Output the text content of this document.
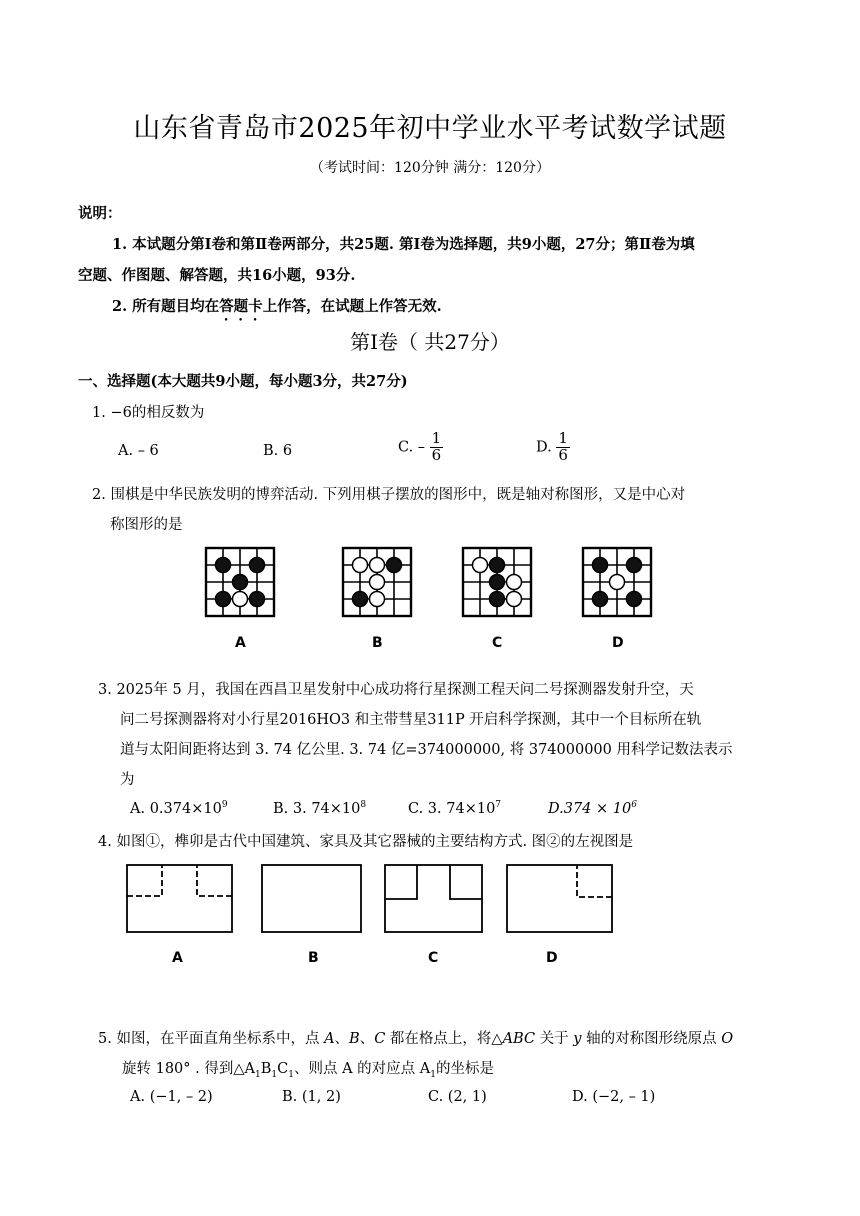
山东省青岛市2025年初中学业水平考试数学试题
（考试时间：120分钟 满分：120分）
说明：
1. 本试题分第Ⅰ卷和第Ⅱ卷两部分，共25题. 第Ⅰ卷为选择题，共9小题，27分；第Ⅱ卷为填
空题、作图题、解答题，共16小题，93分.
2. 所有题目均在答题卡上作答，在试题上作答无效.
第Ⅰ卷（ 共27分）
一、选择题(本大题共9小题，每小题3分，共27分)
1. −6的相反数为
A. – 6	B. 6	C. – $\frac{1}{6}$	D. $\frac{1}{6}$
2. 围棋是中华民族发明的博弈活动. 下列用棋子摆放的图形中，既是轴对称图形，又是中心对
称图形的是
A	B	C	D
3. 2025年 5 月，我国在西昌卫星发射中心成功将行星探测工程天问二号探测器发射升空，天
问二号探测器将对小行星2016HO3 和主带彗星311P 开启科学探测，其中一个目标所在轨
道与太阳间距将达到 3. 74 亿公里. 3. 74 亿=374000000, 将 374000000 用科学记数法表示
为
A. $0.374\times 10^9$	B. 3. $74\times 10^8$	C. 3. $74\times 10^7$	$D.374 \times 10^6$
4. 如图①，榫卯是古代中国建筑、家具及其它器械的主要结构方式. 图②的左视图是
A	B	C	D
5. 如图，在平面直角坐标系中，点 A、B、C 都在格点上，将△ABC 关于 y 轴的对称图形绕原点 O
旋转 180° . 得到$\triangle A_1B_1C_1$、则点 A 的对应点 $A_1$的坐标是
A. (−1, – 2)	B. (1, 2)	C. (2, 1)	D. (−2, – 1)
